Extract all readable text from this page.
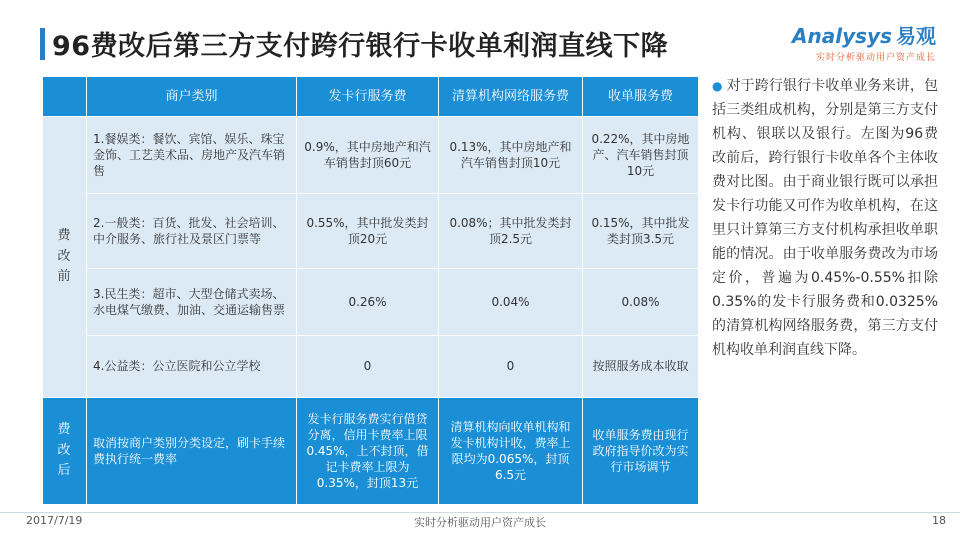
96费改后第三方支付跨行银行卡收单利润直线下降	Analysys 易观
实时分析驱动用户资产成长
	商户类别	发卡行服务费	清算机构网络服务费	收单服务费

费
改
前	1.餐娱类：餐饮、宾馆、娱乐、珠宝金饰、工艺美术品、房地产及汽车销售	0.9%，其中房地产和汽车销售封顶60元	0.13%，其中房地产和汽车销售封顶10元	0.22%，其中房地产、汽车销售封顶10元
	2.一般类：百货、批发、社会培训、中介服务、旅行社及景区门票等	0.55%，其中批发类封顶20元	0.08%；其中批发类封顶2.5元	0.15%，其中批发类封顶3.5元
	3.民生类：超市、大型仓储式卖场、水电煤气缴费、加油、交通运输售票	0.26%	0.04%	0.08%
	4.公益类：公立医院和公立学校	0	0	按照服务成本收取

费
改
后	取消按商户类别分类设定，刷卡手续费执行统一费率	发卡行服务费实行借贷分离，信用卡费率上限0.45%，上不封顶，借记卡费率上限为0.35%，封顶13元	清算机构向收单机构和发卡机构计收，费率上限均为0.065%，封顶6.5元	收单服务费由现行政府指导价改为实行市场调节
● 对于跨行银行卡收单业务来讲，包括三类组成机构，分别是第三方支付机构、银联以及银行。左图为96费改前后，跨行银行卡收单各个主体收费对比图。由于商业银行既可以承担发卡行功能又可作为收单机构，在这里只计算第三方支付机构承担收单职能的情况。由于收单服务费改为市场定价，普遍为0.45%-0.55%扣除0.35%的发卡行服务费和0.0325%的清算机构网络服务费，第三方支付机构收单利润直线下降。
2017/7/19	实时分析驱动用户资产成长	18
